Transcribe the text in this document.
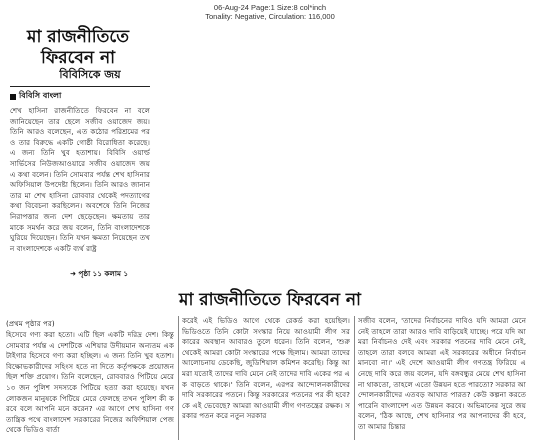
06-Aug-24 Page:1 Size:8 col*inch
Tonality: Negative, Circulation: 116,000
মা রাজনীতিতে ফিরবেন না
বিবিসিকে জয়
বিবিসি বাংলা
শেখ হাসিনা রাজনীতিতে ফিরবেন না বলে জানিয়েছেন তার ছেলে সজীব ওয়াজেদ জয়। তিনি আরও বলেছেন, এত কঠোর পরিশ্রমের পরও তার বিরুদ্ধে একটি গোষ্ঠী বিরোধিতা করেছে। এ জন্য তিনি খুব হতাশায়। বিবিসি ওয়ার্ল্ড সার্ভিসের নিউজআওয়ারে সজীব ওয়াজেদ জয় এ কথা বলেন। তিনি সোমবার পর্যন্ত শেখ হাসিনার অফিসিয়াল উপদেষ্টা ছিলেন। তিনি আরও জানান তার মা শেখ হাসিনা রোববার থেকেই পদত্যাগের কথা বিবেচনা করছিলেন। অবশেষে তিনি নিজের নিরাপত্তার জন্য দেশ ছেড়েছেন। ক্ষমতায় তার মাকে সমর্থন করে জয় বলেন, তিনি বাংলাদেশকে ঘুরিয়ে দিয়েছেন। তিনি যখন ক্ষমতা নিয়েছেন তখন বাংলাদেশকে একটি ব্যর্থ রাষ্ট্র
➜ পৃষ্ঠা ১১ কলাম ১
মা রাজনীতিতে ফিরবেন না
(প্রথম পৃষ্ঠার পর)
হিসেবে গণ্য করা হতো। এটি ছিল একটি দরিদ্র দেশ। কিন্তু সোমবার পর্যন্ত এ দেশটিকে এশিয়ার উদীয়মান অন্যতম এক টাইগার হিসেবে গণ্য করা হচ্ছিল। এ জন্য তিনি খুব হতাশ। বিক্ষোভকারীদের সহিংস হতে না দিতে কর্তৃপক্ষকে প্রয়োজন ছিল শক্তি প্রয়োগ। তিনি বলেছেন, রোববারও পিটিয়ে মেরে ১৩ জন পুলিশ সদস্যকে পিটিয়ে হত্যা করা হয়েছে। যখন লোকজন মানুষকে পিটিয়ে মেরে ফেলছে তখন পুলিশ কী করবে বলে আপনি মনে করেন? এর আগে শেখ হাসিনা গণতান্ত্রিক পথে বাংলাদেশ সরকারের নিজের অফিশিয়াল পেজ থেকে ভিডিও বার্তা
করেই এই ভিডিও আগে থেকে রেকর্ড করা হয়েছিল। ভিডিওতে তিনি কোটা সংস্কার নিয়ে আওয়ামী লীগ সরকারের অবস্থান আবারও তুলে ধরেন। তিনি বলেন, 'শুরু থেকেই আমরা কোটা সংস্কারের পক্ষে ছিলাম। আমরা তাদের আলোচনায় ডেকেছি, জুডিশিয়াল কমিশন করেছি। কিন্তু আমরা যতোই তাদের দাবি মেনে নেই তাদের দাবি একের পর এক বাড়তে থাকে।' তিনি বলেন, এরপর আন্দোলনকারীদের দাবি সরকারের পতনে। কিন্তু সরকারের পতনের পর কী হবে? কে এই ভেবেছে? আমরা আওয়ামী লীগ গণতন্ত্রের রক্ষক। সরকার পতন করে নতুন সরকার
সজীব বলেন, 'তাদের নির্বাচনের দাবিও যদি আমরা মেনে নেই তাহলে তারা আরও দাবি বাড়িয়েই যাচ্ছে। পরে যদি আমরা নির্বাচনও দেই এবং সরকার পতনের দাবি মেনে নেই, তাহলে তারা বলবে আমরা এই সরকারের অধীনে নির্বাচন মানবো না।' এই দেশে আওয়ামী লীগ গণতন্ত্র ফিরিয়ে এনেছে দাবি করে জয় বলেন, যদি বঙ্গবন্ধুর মেয়ে শেখ হাসিনা না থাকতো, তাহলে এতো উন্নয়ন হতে পারতো? সরকার আন্দোলনকারীদের এতবড় আঘাত পারত? কেউ কল্পনা করতে পারেনি বাংলাদেশ এত উন্নয়ন করবে। অভিমানের সুরে জয় বলেন, 'ঠিক আছে, শেখ হাসিনার পর আপনাদের কী হবে, তা আমার চিন্তার
